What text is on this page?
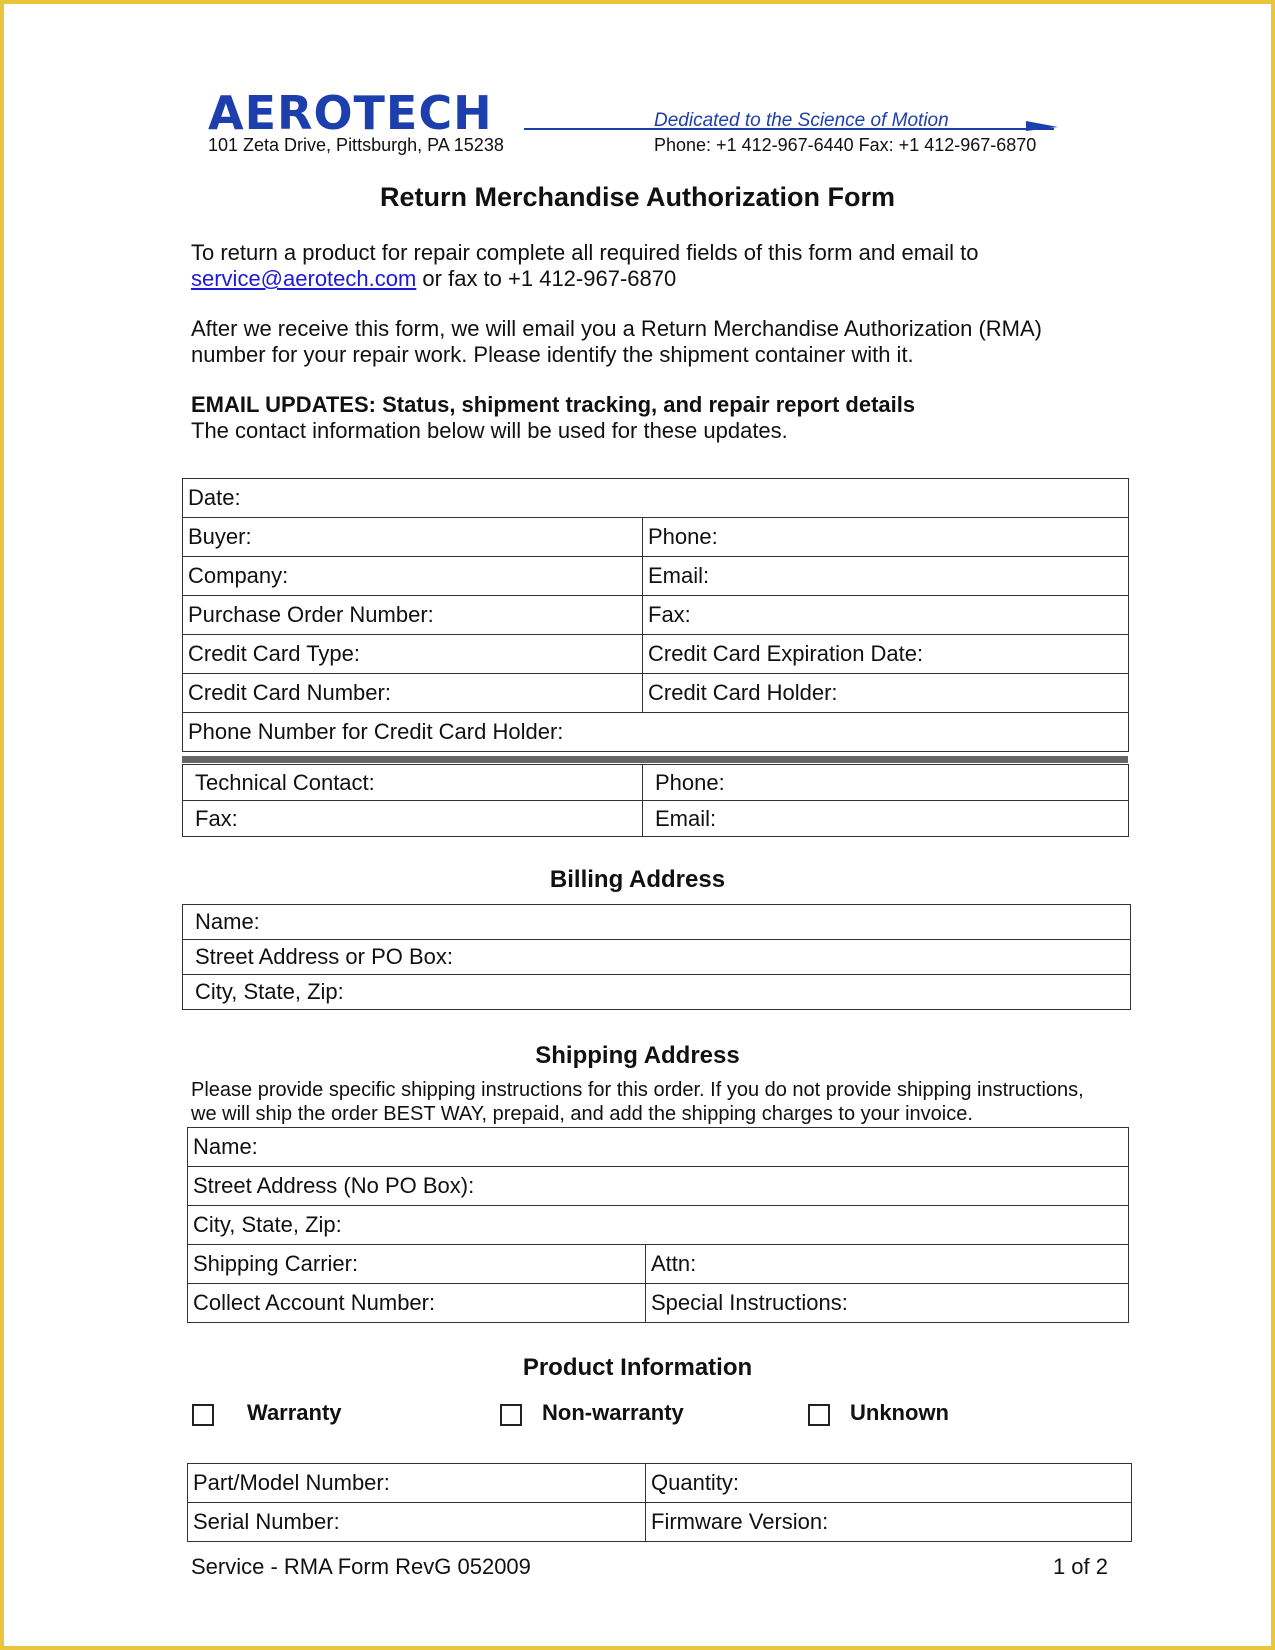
AEROTECH	Dedicated to the Science of Motion
101 Zeta Drive, Pittsburgh, PA 15238	Phone: +1 412-967-6440 Fax: +1 412-967-6870
Return Merchandise Authorization Form
To return a product for repair complete all required fields of this form and email to
service@aerotech.com or fax to +1 412-967-6870
After we receive this form, we will email you a Return Merchandise Authorization (RMA)
number for your repair work. Please identify the shipment container with it.
EMAIL UPDATES: Status, shipment tracking, and repair report details
The contact information below will be used for these updates.
Date:	
Buyer:	Phone:
Company:	Email:
Purchase Order Number:	Fax:
Credit Card Type:	Credit Card Expiration Date:
Credit Card Number:	Credit Card Holder:
Phone Number for Credit Card Holder:	
Technical Contact:	Phone:
Fax:	Email:
Billing Address
Name:
Street Address or PO Box:
City, State, Zip:
Shipping Address
Please provide specific shipping instructions for this order. If you do not provide shipping instructions,
we will ship the order BEST WAY, prepaid, and add the shipping charges to your invoice.
Name:	
Street Address (No PO Box):	
City, State, Zip:	
Shipping Carrier:	Attn:
Collect Account Number:	Special Instructions:
Product Information
Warranty	Non-warranty	Unknown
Part/Model Number:	Quantity:
Serial Number:	Firmware Version:
Service - RMA Form RevG 052009	1 of 2
